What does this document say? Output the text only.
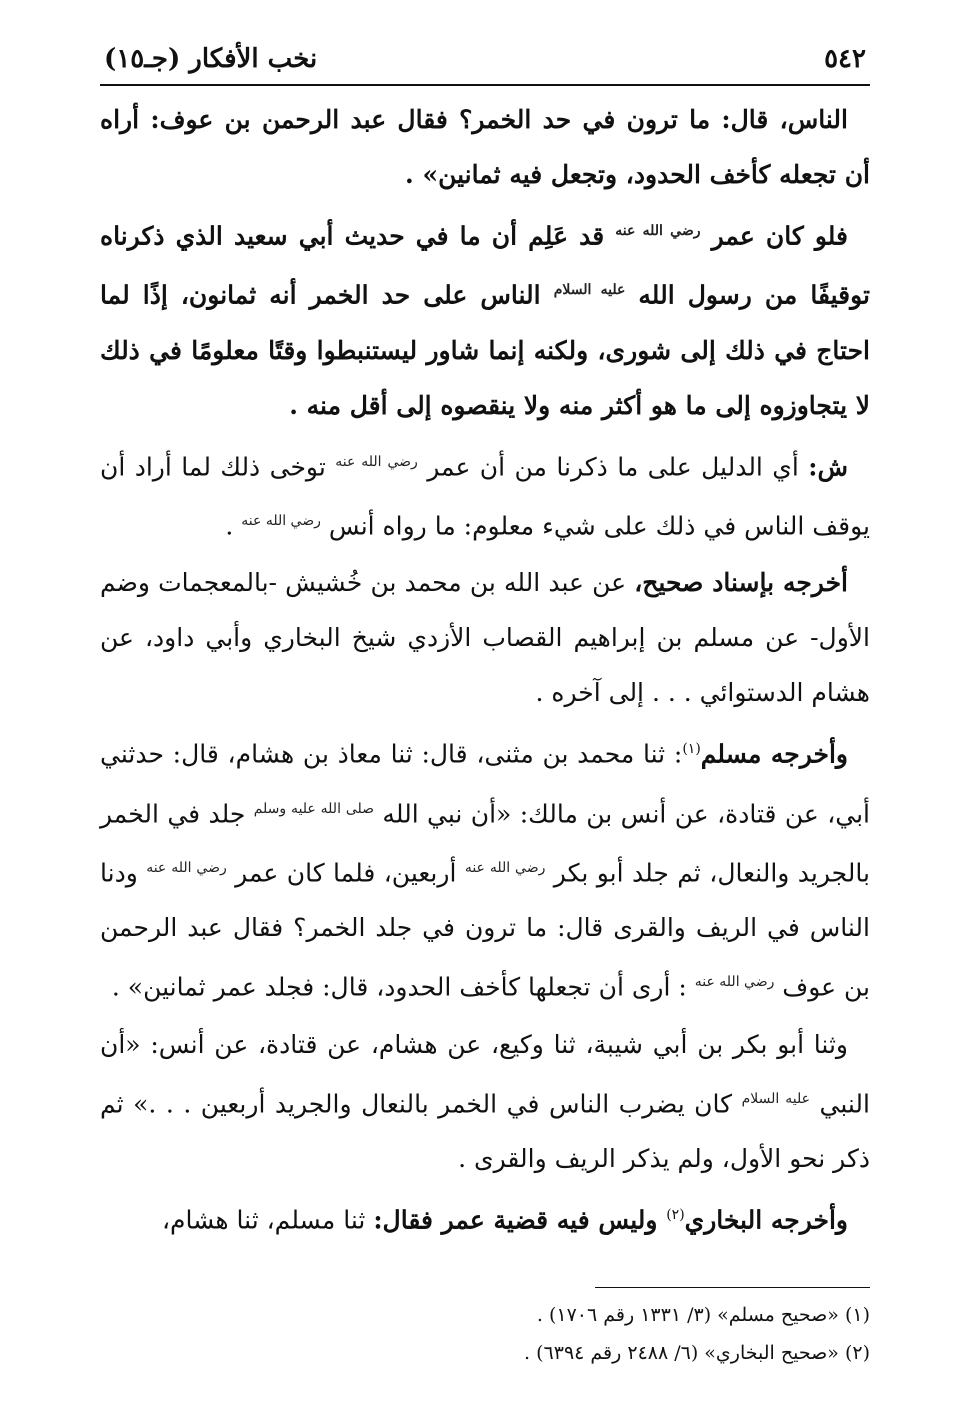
٥٤٢
نخب الأفكار (جـ١٥)

الناس، قال: ما ترون في حد الخمر؟ فقال عبد الرحمن بن عوف: أراه أن تجعله كأخف الحدود، وتجعل فيه ثمانين» .

فلو كان عمر $^{رضي الله عنه}$ قد عَلِم أن ما في حديث أبي سعيد الذي ذكرناه توقيفًا من رسول الله $^{عليه السلام}$ الناس على حد الخمر أنه ثمانون، إذًا لما احتاج في ذلك إلى شورى، ولكنه إنما شاور ليستنبطوا وقتًا معلومًا في ذلك لا يتجاوزوه إلى ما هو أكثر منه ولا ينقصوه إلى أقل منه .

ش: أي الدليل على ما ذكرنا من أن عمر $^{رضي الله عنه}$ توخى ذلك لما أراد أن يوقف الناس في ذلك على شيء معلوم: ما رواه أنس $^{رضي الله عنه}$ .

أخرجه بإسناد صحيح، عن عبد الله بن محمد بن خُشيش -بالمعجمات وضم الأول- عن مسلم بن إبراهيم القصاب الأزدي شيخ البخاري وأبي داود، عن هشام الدستوائي . . . إلى آخره .

وأخرجه مسلم$^{(١)}$: ثنا محمد بن مثنى، قال: ثنا معاذ بن هشام، قال: حدثني أبي، عن قتادة، عن أنس بن مالك: «أن نبي الله $^{صلى الله عليه وسلم}$ جلد في الخمر بالجريد والنعال، ثم جلد أبو بكر $^{رضي الله عنه}$ أربعين، فلما كان عمر $^{رضي الله عنه}$ ودنا الناس في الريف والقرى قال: ما ترون في جلد الخمر؟ فقال عبد الرحمن بن عوف $^{رضي الله عنه}$ : أرى أن تجعلها كأخف الحدود، قال: فجلد عمر ثمانين» .

وثنا أبو بكر بن أبي شيبة، ثنا وكيع، عن هشام، عن قتادة، عن أنس: «أن النبي $^{عليه السلام}$ كان يضرب الناس في الخمر بالنعال والجريد أربعين . . .» ثم ذكر نحو الأول، ولم يذكر الريف والقرى .

وأخرجه البخاري$^{(٢)}$ وليس فيه قضية عمر فقال: ثنا مسلم، ثنا هشام،

(١) «صحيح مسلم» (٣/ ١٣٣١ رقم ١٧٠٦) .
(٢) «صحيح البخاري» (٦/ ٢٤٨٨ رقم ٦٣٩٤) .
